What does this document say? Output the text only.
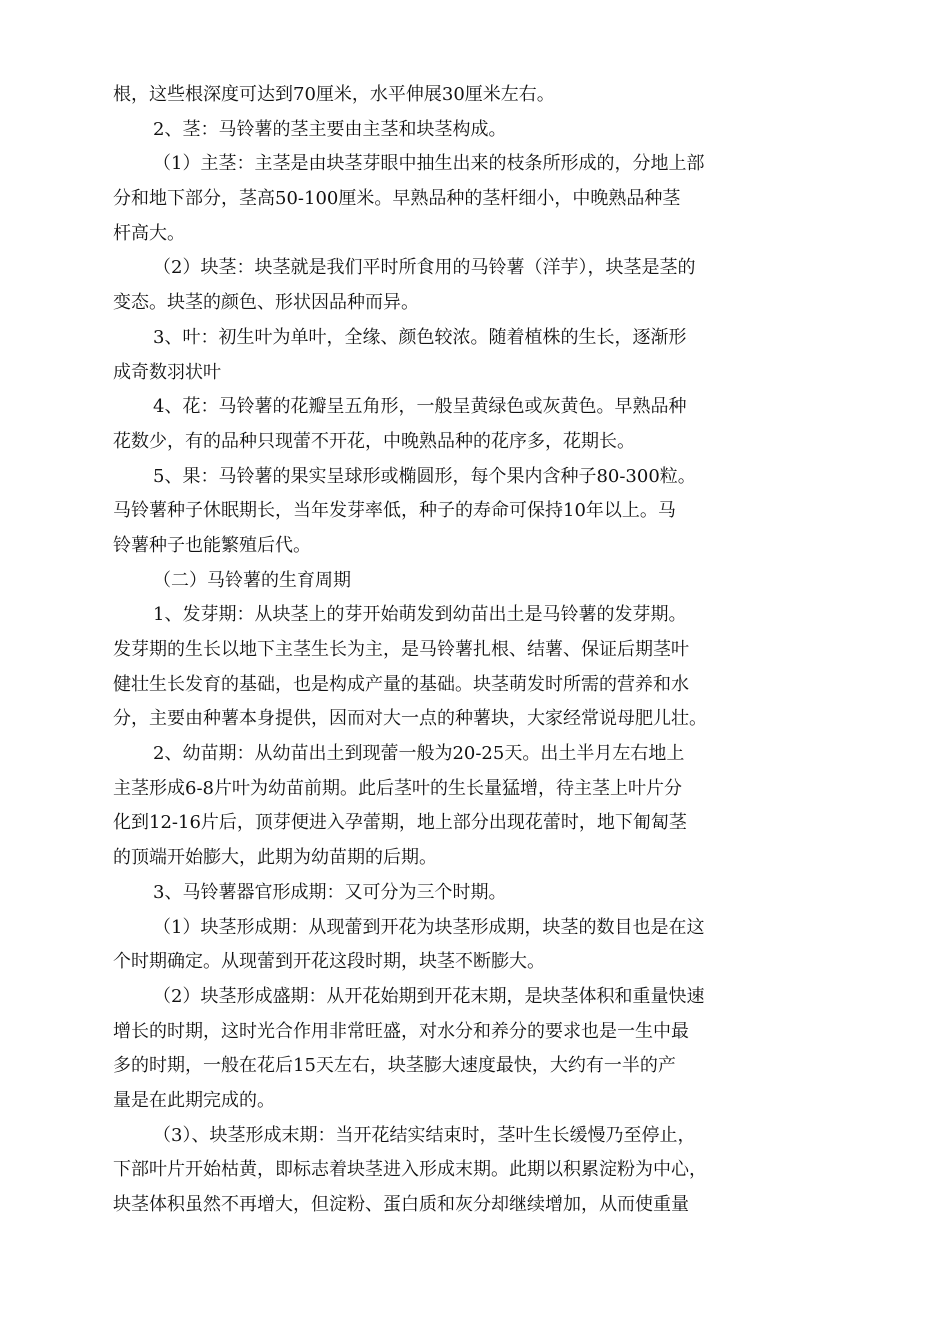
根，这些根深度可达到70厘米，水平伸展30厘米左右。
2、茎：马铃薯的茎主要由主茎和块茎构成。
（1）主茎：主茎是由块茎芽眼中抽生出来的枝条所形成的，分地上部
分和地下部分，茎高50-100厘米。早熟品种的茎杆细小，中晚熟品种茎
杆高大。
（2）块茎：块茎就是我们平时所食用的马铃薯（洋芋），块茎是茎的
变态。块茎的颜色、形状因品种而异。
3、叶：初生叶为单叶，全缘、颜色较浓。随着植株的生长，逐渐形
成奇数羽状叶
4、花：马铃薯的花瓣呈五角形，一般呈黄绿色或灰黄色。早熟品种
花数少，有的品种只现蕾不开花，中晚熟品种的花序多，花期长。
5、果：马铃薯的果实呈球形或椭圆形，每个果内含种子80-300粒。
马铃薯种子休眠期长，当年发芽率低，种子的寿命可保持10年以上。马
铃薯种子也能繁殖后代。
（二）马铃薯的生育周期
1、发芽期：从块茎上的芽开始萌发到幼苗出土是马铃薯的发芽期。
发芽期的生长以地下主茎生长为主，是马铃薯扎根、结薯、保证后期茎叶
健壮生长发育的基础，也是构成产量的基础。块茎萌发时所需的营养和水
分，主要由种薯本身提供，因而对大一点的种薯块，大家经常说母肥儿壮。
2、幼苗期：从幼苗出土到现蕾一般为20-25天。出土半月左右地上
主茎形成6-8片叶为幼苗前期。此后茎叶的生长量猛增，待主茎上叶片分
化到12-16片后，顶芽便进入孕蕾期，地上部分出现花蕾时，地下匍匐茎
的顶端开始膨大，此期为幼苗期的后期。
3、马铃薯器官形成期：又可分为三个时期。
（1）块茎形成期：从现蕾到开花为块茎形成期，块茎的数目也是在这
个时期确定。从现蕾到开花这段时期，块茎不断膨大。
（2）块茎形成盛期：从开花始期到开花末期，是块茎体积和重量快速
增长的时期，这时光合作用非常旺盛，对水分和养分的要求也是一生中最
多的时期，一般在花后15天左右，块茎膨大速度最快，大约有一半的产
量是在此期完成的。
（3）、块茎形成末期：当开花结实结束时，茎叶生长缓慢乃至停止，
下部叶片开始枯黄，即标志着块茎进入形成末期。此期以积累淀粉为中心，
块茎体积虽然不再增大，但淀粉、蛋白质和灰分却继续增加，从而使重量
